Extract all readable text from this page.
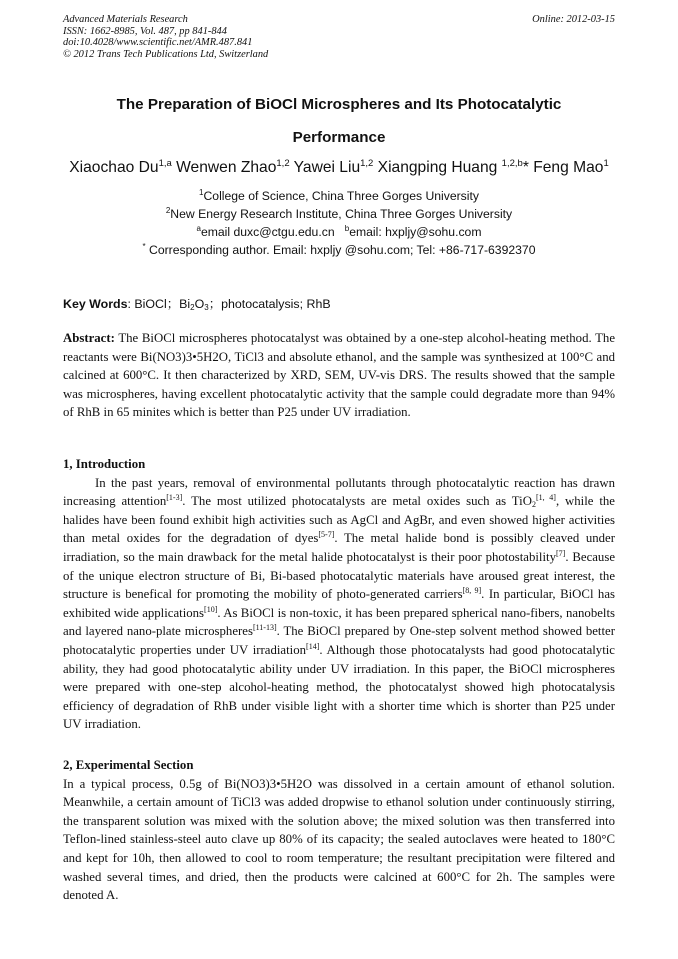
Advanced Materials Research
ISSN: 1662-8985, Vol. 487, pp 841-844
doi:10.4028/www.scientific.net/AMR.487.841
© 2012 Trans Tech Publications Ltd, Switzerland
Online: 2012-03-15
The Preparation of BiOCl Microspheres and Its Photocatalytic
Performance
Xiaochao Du$^{1,a}$ Wenwen Zhao$^{1,2}$ Yawei Liu$^{1,2}$ Xiangping Huang $^{1,2,b}$* Feng Mao$^1$
$^1$College of Science, China Three Gorges University
$^2$New Energy Research Institute, China Three Gorges University
$^a$email duxc@ctgu.edu.cn $^b$email: hxpljy@sohu.com
* Corresponding author. Email: hxpljy @sohu.com; Tel: +86-717-6392370
Key Words: BiOCl；$Bi_2O_3$；photocatalysis; RhB
Abstract: The BiOCl microspheres photocatalyst was obtained by a one-step alcohol-heating method. The reactants were Bi(NO3)3•5H2O, TiCl3 and absolute ethanol, and the sample was synthesized at 100°C and calcined at 600°C. It then characterized by XRD, SEM, UV-vis DRS. The results showed that the sample was microspheres, having excellent photocatalytic activity that the sample could degradate more than 94% of RhB in 65 minites which is better than P25 under UV irradiation.
1, Introduction

In the past years, removal of environmental pollutants through photocatalytic reaction has drawn increasing attention[1-3]. The most utilized photocatalysts are metal oxides such as TiO$_2$[1, 4], while the halides have been found exhibit high activities such as AgCl and AgBr, and even showed higher activities than metal oxides for the degradation of dyes[5-7]. The metal halide bond is possibly cleaved under irradiation, so the main drawback for the metal halide photocatalyst is their poor photostability[7]. Because of the unique electron structure of Bi, Bi-based photocatalytic materials have aroused great interest, the structure is benefical for promoting the mobility of photo-generated carriers[8, 9]. In particular, BiOCl has exhibited wide applications[10]. As BiOCl is non-toxic, it has been prepared spherical nano-fibers, nanobelts and layered nano-plate microspheres[11-13]. The BiOCl prepared by One-step solvent method showed better photocatalytic properties under UV irradiation[14]. Although those photocatalysts had good photocatalytic ability, they had good photocatalytic ability under UV irradiation. In this paper, the BiOCl microspheres were prepared with one-step alcohol-heating method, the photocatalyst showed high photocatalysis efficiency of degradation of RhB under visible light with a shorter time which is shorter than P25 under UV irradiation.

2, Experimental Section

In a typical process, 0.5g of Bi(NO3)3•5H2O was dissolved in a certain amount of ethanol solution. Meanwhile, a certain amount of TiCl3 was added dropwise to ethanol solution under continuously stirring, the transparent solution was mixed with the solution above; the mixed solution was then transferred into Teflon-lined stainless-steel auto clave up 80% of its capacity; the sealed autoclaves were heated to 180°C and kept for 10h, then allowed to cool to room temperature; the resultant precipitation were filtered and washed several times, and dried, then the products were calcined at 600°C for 2h. The samples were denoted A.
